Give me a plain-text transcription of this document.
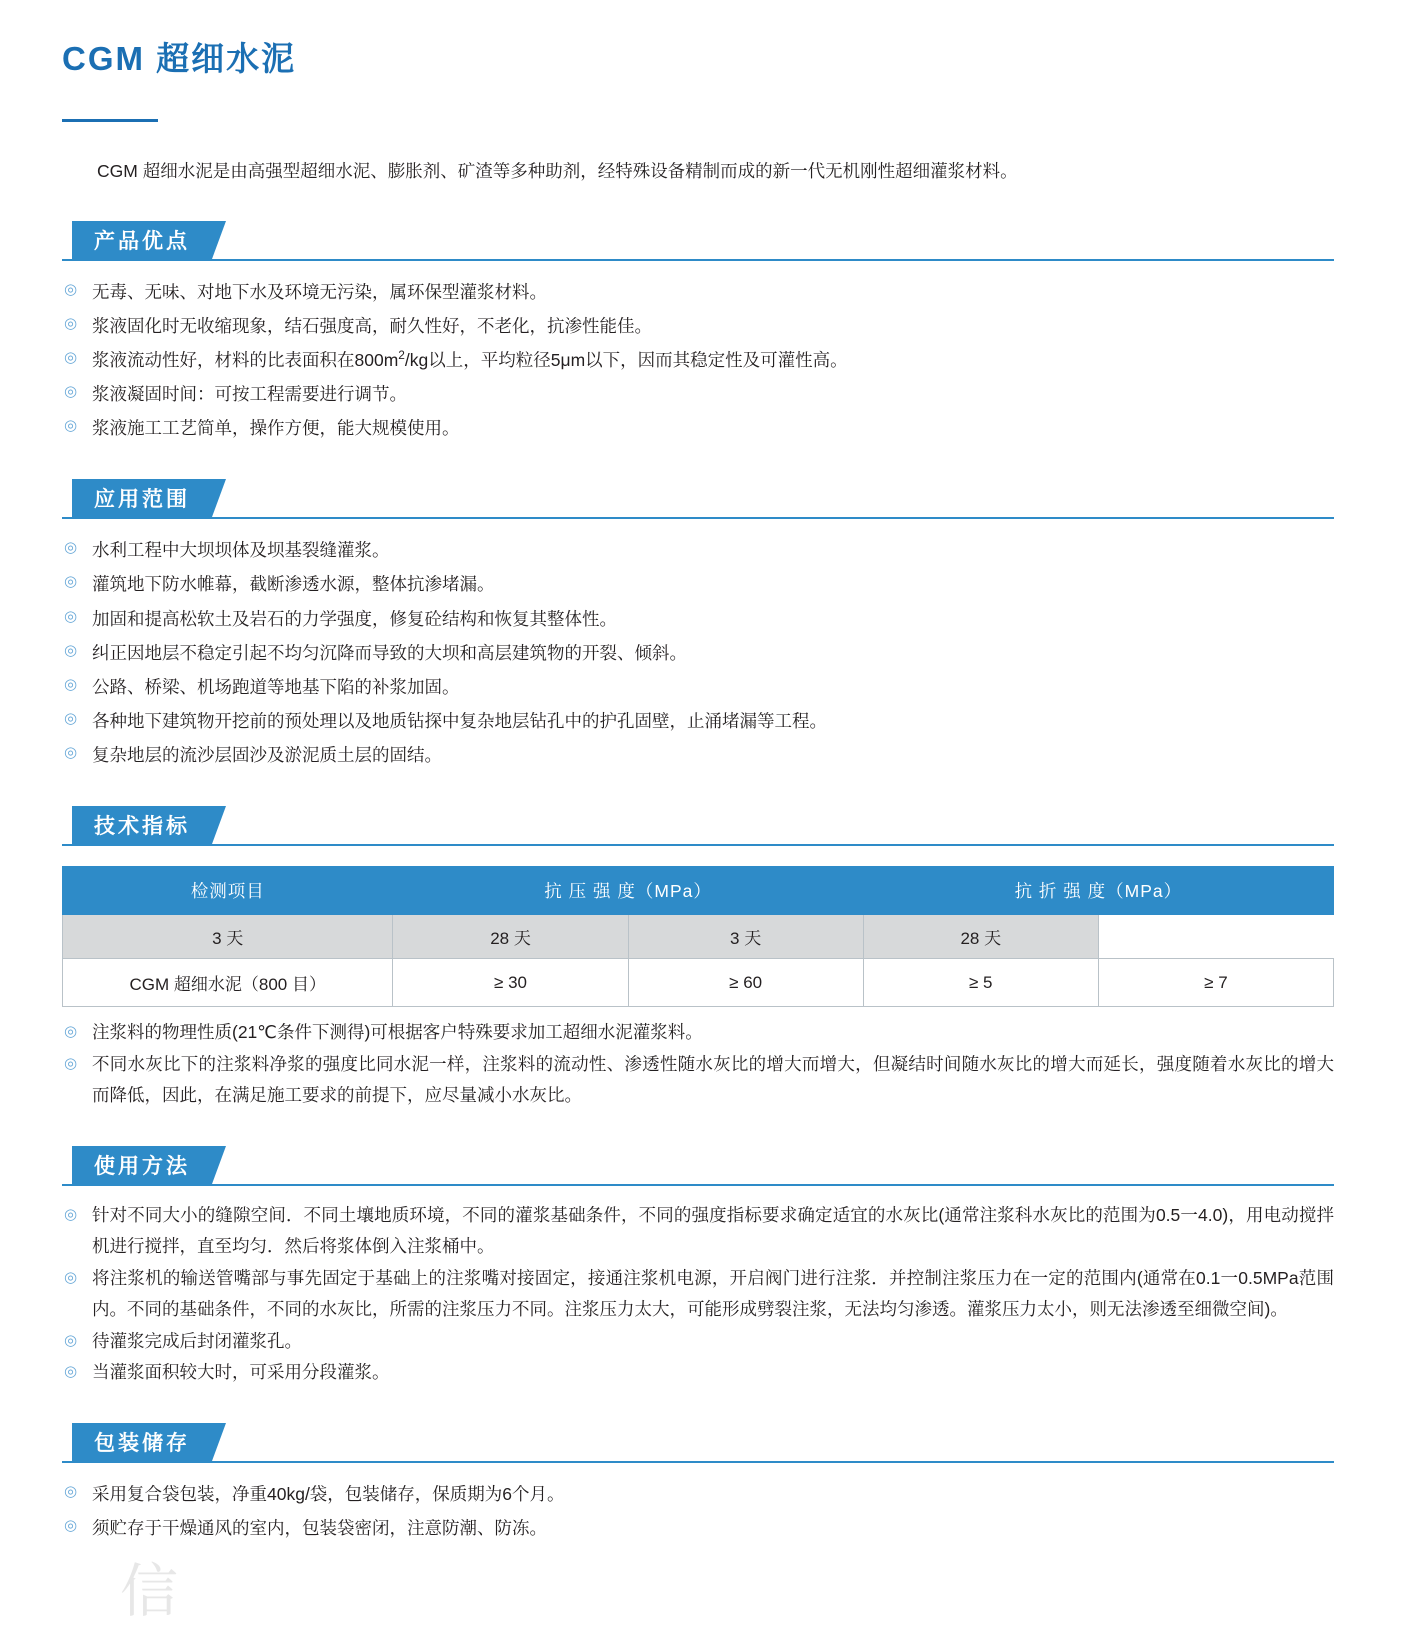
CGM 超细水泥

CGM 超细水泥是由高强型超细水泥、膨胀剂、矿渣等多种助剂，经特殊设备精制而成的新一代无机刚性超细灌浆材料。

产品优点
◎ 无毒、无味、对地下水及环境无污染，属环保型灌浆材料。
◎ 浆液固化时无收缩现象，结石强度高，耐久性好，不老化，抗渗性能佳。
◎ 浆液流动性好，材料的比表面积在$800m^2/kg$以上，平均粒径5μm以下，因而其稳定性及可灌性高。
◎ 浆液凝固时间：可按工程需要进行调节。
◎ 浆液施工工艺简单，操作方便，能大规模使用。
应用范围
◎ 水利工程中大坝坝体及坝基裂缝灌浆。
◎ 灌筑地下防水帷幕，截断渗透水源，整体抗渗堵漏。
◎ 加固和提高松软土及岩石的力学强度，修复砼结构和恢复其整体性。
◎ 纠正因地层不稳定引起不均匀沉降而导致的大坝和高层建筑物的开裂、倾斜。
◎ 公路、桥梁、机场跑道等地基下陷的补浆加固。
◎ 各种地下建筑物开挖前的预处理以及地质钻探中复杂地层钻孔中的护孔固壁，止涌堵漏等工程。
◎ 复杂地层的流沙层固沙及淤泥质土层的固结。
技术指标
检测项目	抗 压 强 度（MPa）		抗 折 强 度（MPa）	
3 天	28 天	3 天	28 天	
CGM 超细水泥（800 目）	≥ 30	≥ 60	≥ 5	≥ 7
◎ 注浆料的物理性质(21℃条件下测得)可根据客户特殊要求加工超细水泥灌浆料。
◎ 不同水灰比下的注浆料净浆的强度比同水泥一样，注浆料的流动性、渗透性随水灰比的增大而增大，但凝结时间随水灰比的增大而延长，强度随着水灰比的增大而降低，因此，在满足施工要求的前提下，应尽量减小水灰比。
使用方法
◎ 针对不同大小的缝隙空间．不同土壤地质环境，不同的灌浆基础条件，不同的强度指标要求确定适宜的水灰比(通常注浆科水灰比的范围为0.5一4.0)，用电动搅拌机进行搅拌，直至均匀．然后将浆体倒入注浆桶中。
◎ 将注浆机的输送管嘴部与事先固定于基础上的注浆嘴对接固定，接通注浆机电源，开启阀门进行注浆．并控制注浆压力在一定的范围内(通常在0.1一0.5MPa范围内。不同的基础条件，不同的水灰比，所需的注浆压力不同。注浆压力太大，可能形成劈裂注浆，无法均匀渗透。灌浆压力太小，则无法渗透至细微空间)。
◎ 待灌浆完成后封闭灌浆孔。
◎ 当灌浆面积较大时，可采用分段灌浆。
包装储存
◎ 采用复合袋包装，净重40kg/袋，包装储存，保质期为6个月。
◎ 须贮存于干燥通风的室内，包装袋密闭，注意防潮、防冻。
信
